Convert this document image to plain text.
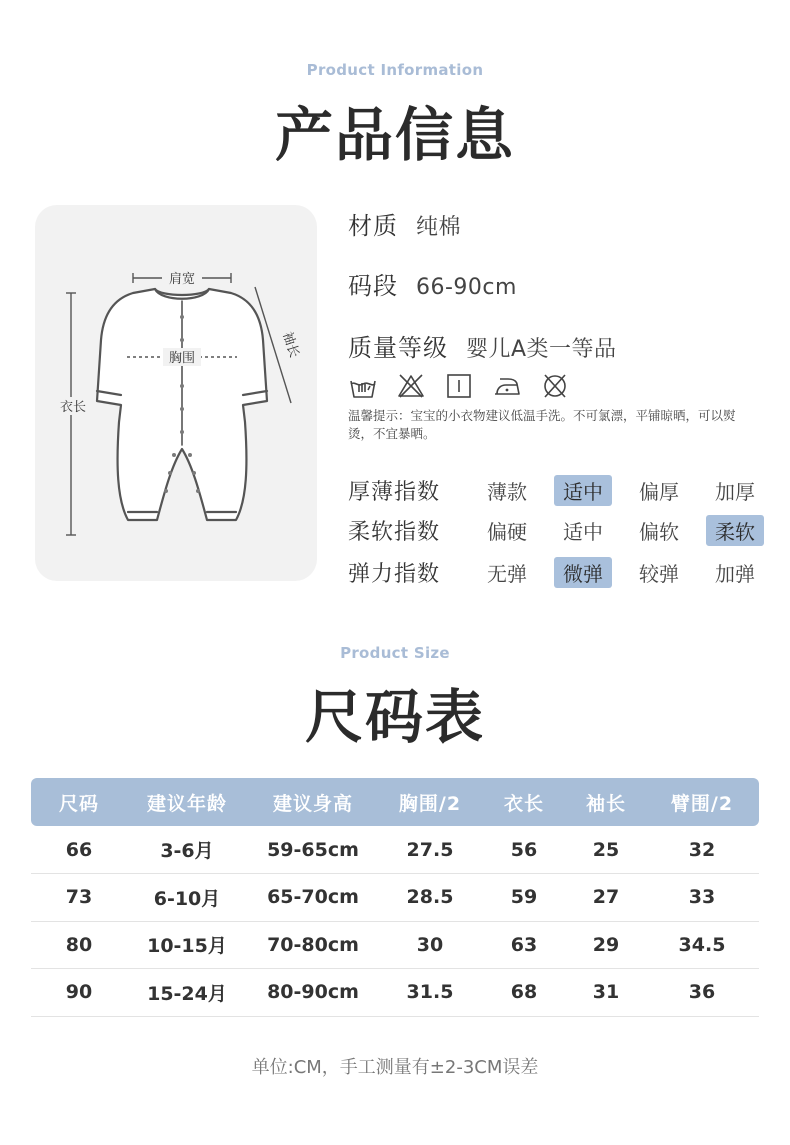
Product Information
产品信息
肩宽
胸围
衣长
袖长
材质 纯棉
码段 66-90cm
质量等级 婴儿A类一等品
温馨提示：宝宝的小衣物建议低温手洗。不可氯漂，平铺晾晒，可以熨烫，不宜暴晒。
厚薄指数	薄款	适中	偏厚	加厚
柔软指数	偏硬	适中	偏软	柔软
弹力指数	无弹	微弹	较弹	加弹
Product Size
尺码表
尺码	建议年龄	建议身高	胸围/2	衣长	袖长	臂围/2
66	3-6月	59-65cm	27.5	56	25	32
73	6-10月	65-70cm	28.5	59	27	33
80	10-15月	70-80cm	30	63	29	34.5
90	15-24月	80-90cm	31.5	68	31	36
单位:CM，手工测量有±2-3CM误差
